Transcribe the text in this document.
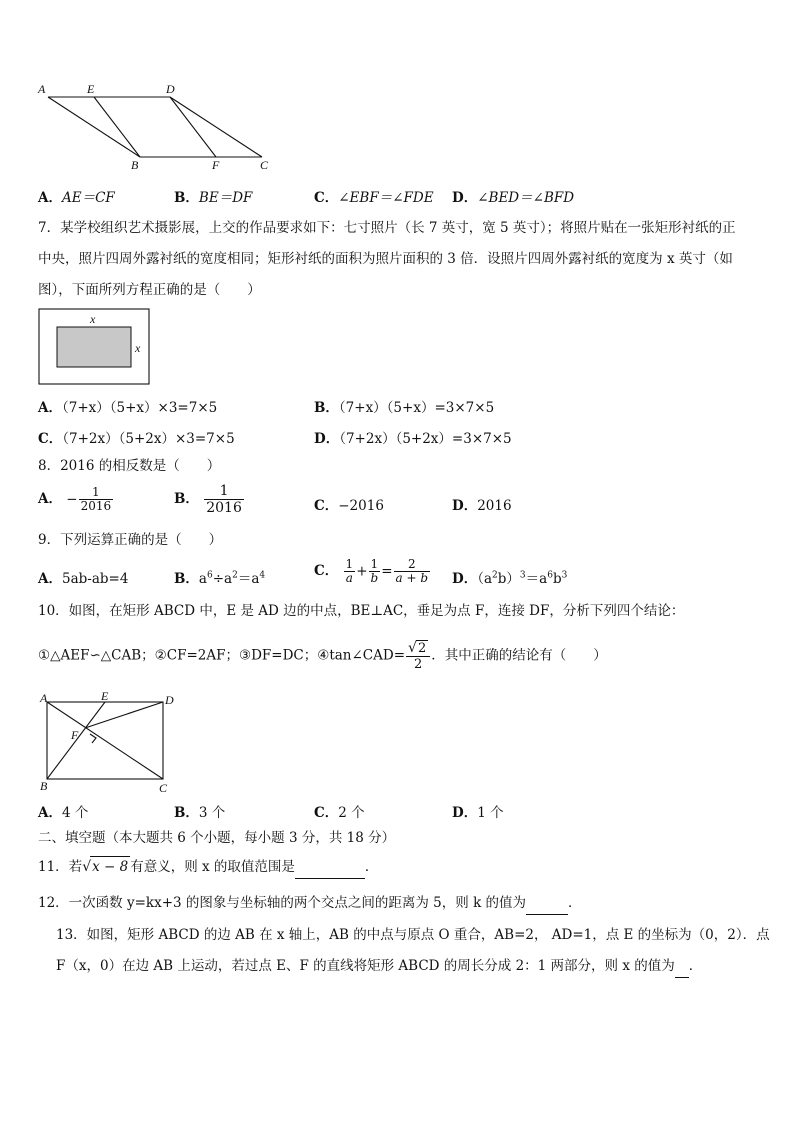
A	E	D
B	F	C
A．AE＝CF	B．BE＝DF	C．∠EBF＝∠FDE D．∠BED＝∠BFD
7．某学校组织艺术摄影展，上交的作品要求如下：七寸照片（长 7 英寸，宽 5 英寸）；将照片贴在一张矩形衬纸的正
中央，照片四周外露衬纸的宽度相同；矩形衬纸的面积为照片面积的 3 倍．设照片四周外露衬纸的宽度为 x 英寸（如
图），下面所列方程正确的是（　　）
x
x
A．（7+x）（5+x）×3=7×5	B．（7+x）（5+x）=3×7×5
C．（7+2x）（5+2x）×3=7×5	D．（7+2x）（5+2x）=3×7×5
8．2016 的相反数是（　　）
A． − $\frac{1}{2016}$	B． $\frac{1}{2016}$	C．−2016	D．2016
9．下列运算正确的是（　　）
A．5ab-ab=4	B．$a^6\div a^2=a^4$	C． $\frac{1}{a} + \frac{1}{b} = \frac{2}{a + b}$ D．$(a^2b)^3=a^6b^3$
10．如图，在矩形 ABCD 中，E 是 AD 边的中点，BE⊥AC，垂足为点 F，连接 DF，分析下列四个结论：
①△AEF∽△CAB；②CF=2AF；③DF=DC；④tan∠CAD= $\frac{√2}{2}$ ．其中正确的结论有（　　）
A	E	D
F
B	C
A．4 个	B．3 个	C．2 个	D．1 个
二、填空题（本大题共 6 个小题，每小题 3 分，共 18 分）
11．若√x − 8 有意义，则 x 的取值范围是	．
12．一次函数 y=kx+3 的图象与坐标轴的两个交点之间的距离为 5，则 k 的值为	．
13．如图，矩形 ABCD 的边 AB 在 x 轴上，AB 的中点与原点 O 重合，AB=2， AD=1，点 E 的坐标为（0，2）．点
F（x，0）在边 AB 上运动，若过点 E、F 的直线将矩形 ABCD 的周长分成 2：1 两部分，则 x 的值为 ．
